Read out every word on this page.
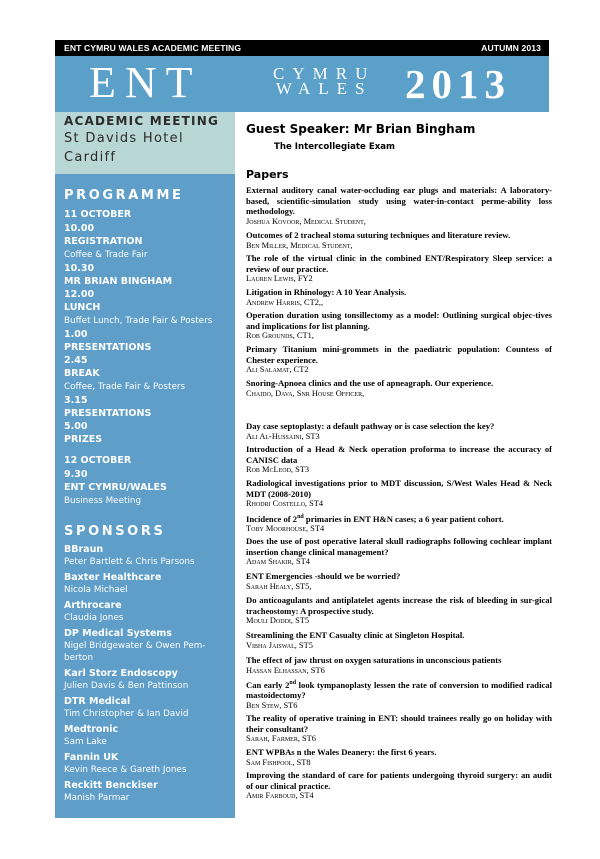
ENT CYMRU WALES ACADEMIC MEETING	AUTUMN 2013
ENT	CYMRU
WALES 2013
ACADEMIC MEETING
St Davids Hotel
Cardiff
PROGRAMME
11 OCTOBER
10.00
REGISTRATION
Coffee & Trade Fair
10.30
MR BRIAN BINGHAM
12.00
LUNCH
Buffet Lunch, Trade Fair & Posters
1.00
PRESENTATIONS
2.45
BREAK
Coffee, Trade Fair & Posters
3.15
PRESENTATIONS
5.00
PRIZES
12 OCTOBER
9.30
ENT CYMRU/WALES
Business Meeting
SPONSORS
BBraun
Peter Bartlett & Chris Parsons
Baxter Healthcare
Nicola Michael
Arthrocare
Claudia Jones
DP Medical Systems
Nigel Bridgewater & Owen Pem-
berton
Karl Storz Endoscopy
Julien Davis & Ben Pattinson
DTR Medical
Tim Christopher & Ian David
Medtronic
Sam Lake
Fannin UK
Kevin Reece & Gareth Jones
Reckitt Benckiser
Manish Parmar
Guest Speaker: Mr Brian Bingham
The Intercollegiate Exam
Papers
External auditory canal water-occluding ear plugs and materials: A laboratory-based, scientific-simulation study using water-in-contact perme-ability loss methodology.
Joshua Kovoor, Medical Student,
Outcomes of 2 tracheal stoma suturing techniques and literature review.
Ben Miller, Medical Student,
The role of the virtual clinic in the combined ENT/Respiratory Sleep service: a review of our practice.
Lauren Lewis, FY2
Litigation in Rhinology: A 10 Year Analysis.
Andrew Harris, CT2,,
Operation duration using tonsillectomy as a model: Outlining surgical objec-tives and implications for list planning.
Rob Grounds, CT1,
Primary Titanium mini-grommets in the paediatric population: Countess of Chester experience.
Ali Salamat, CT2
Snoring-Apnoea clinics and the use of apneagraph. Our experience.
Chaido, Dava, Snr House Officer,
Day case septoplasty: a default pathway or is case selection the key?
Ali Al-Hussaini, ST3
Introduction of a Head & Neck operation proforma to increase the accuracy of CANISC data
Rob McLeod, ST3
Radiological investigations prior to MDT discussion, S/West Wales Head & Neck MDT (2008-2010)
Rhodri Costello, ST4
Incidence of 2nd primaries in ENT H&N cases; a 6 year patient cohort.
Toby Moorhouse, ST4
Does the use of post operative lateral skull radiographs following cochlear implant insertion change clinical management?
Adam Shakir, ST4
ENT Emergencies -should we be worried?
Sarah Healy, ST5,
Do anticoagulants and antiplatelet agents increase the risk of bleeding in sur-gical tracheostomy: A prospective study.
Mouli Doddi, ST5
Streamlining the ENT Casualty clinic at Singleton Hospital.
Vibha Jaiswal, ST5
The effect of jaw thrust on oxygen saturations in unconscious patients
Hassan Elhassan, ST6
Can early 2nd look tympanoplasty lessen the rate of conversion to modified radical mastoidectomy?
Ben Stew, ST6
The reality of operative training in ENT: should trainees really go on holiday with their consultant?
Sarah, Farmer, ST6
ENT WPBAs n the Wales Deanery: the first 6 years.
Sam Fishpool, ST8
Improving the standard of care for patients undergoing thyroid surgery: an audit of our clinical practice.
Amir Farboud, ST4
